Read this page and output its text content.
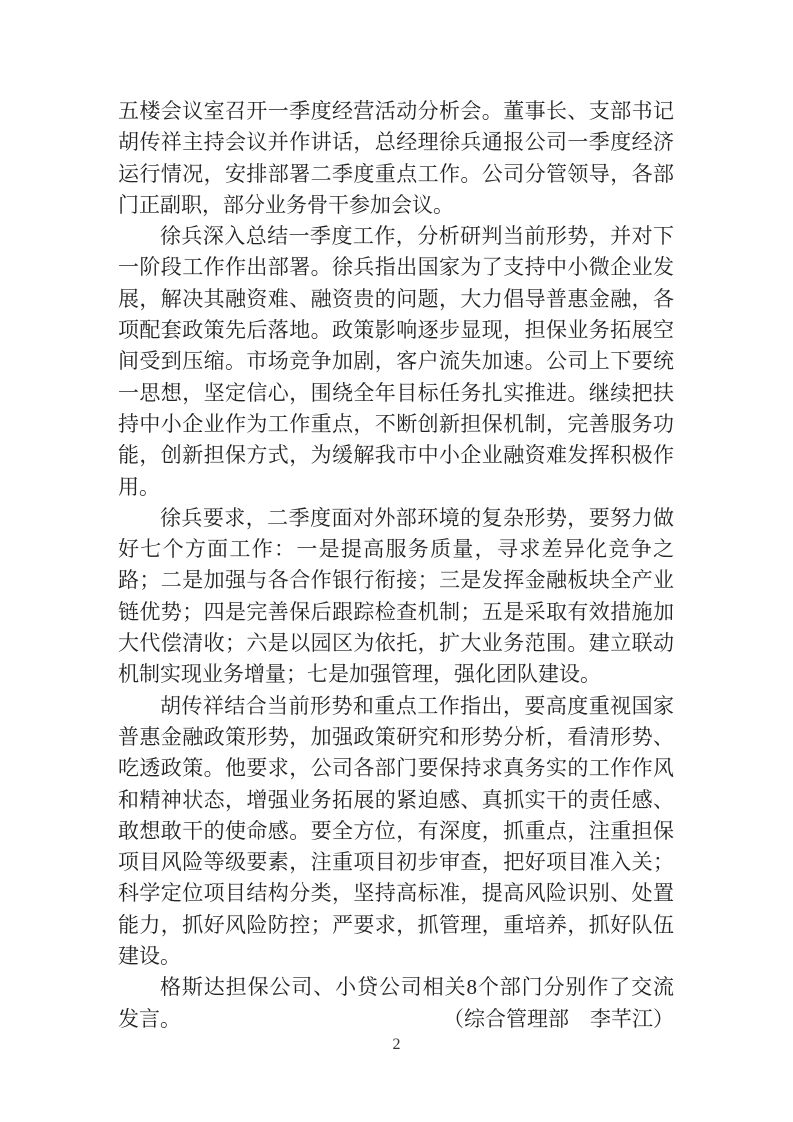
五楼会议室召开一季度经营活动分析会。董事长、支部书记胡传祥主持会议并作讲话，总经理徐兵通报公司一季度经济运行情况，安排部署二季度重点工作。公司分管领导，各部门正副职，部分业务骨干参加会议。

徐兵深入总结一季度工作，分析研判当前形势，并对下一阶段工作作出部署。徐兵指出国家为了支持中小微企业发展，解决其融资难、融资贵的问题，大力倡导普惠金融，各项配套政策先后落地。政策影响逐步显现，担保业务拓展空间受到压缩。市场竞争加剧，客户流失加速。公司上下要统一思想，坚定信心，围绕全年目标任务扎实推进。继续把扶持中小企业作为工作重点，不断创新担保机制，完善服务功能，创新担保方式，为缓解我市中小企业融资难发挥积极作用。

徐兵要求，二季度面对外部环境的复杂形势，要努力做好七个方面工作：一是提高服务质量，寻求差异化竞争之路；二是加强与各合作银行衔接；三是发挥金融板块全产业链优势；四是完善保后跟踪检查机制；五是采取有效措施加大代偿清收；六是以园区为依托，扩大业务范围。建立联动机制实现业务增量；七是加强管理，强化团队建设。

胡传祥结合当前形势和重点工作指出，要高度重视国家普惠金融政策形势，加强政策研究和形势分析，看清形势、吃透政策。他要求，公司各部门要保持求真务实的工作作风和精神状态，增强业务拓展的紧迫感、真抓实干的责任感、敢想敢干的使命感。要全方位，有深度，抓重点，注重担保项目风险等级要素，注重项目初步审查，把好项目准入关；科学定位项目结构分类，坚持高标准，提高风险识别、处置能力，抓好风险防控；严要求，抓管理，重培养，抓好队伍建设。

格斯达担保公司、小贷公司相关8个部门分别作了交流发言。	（综合管理部　李芊江）

2
